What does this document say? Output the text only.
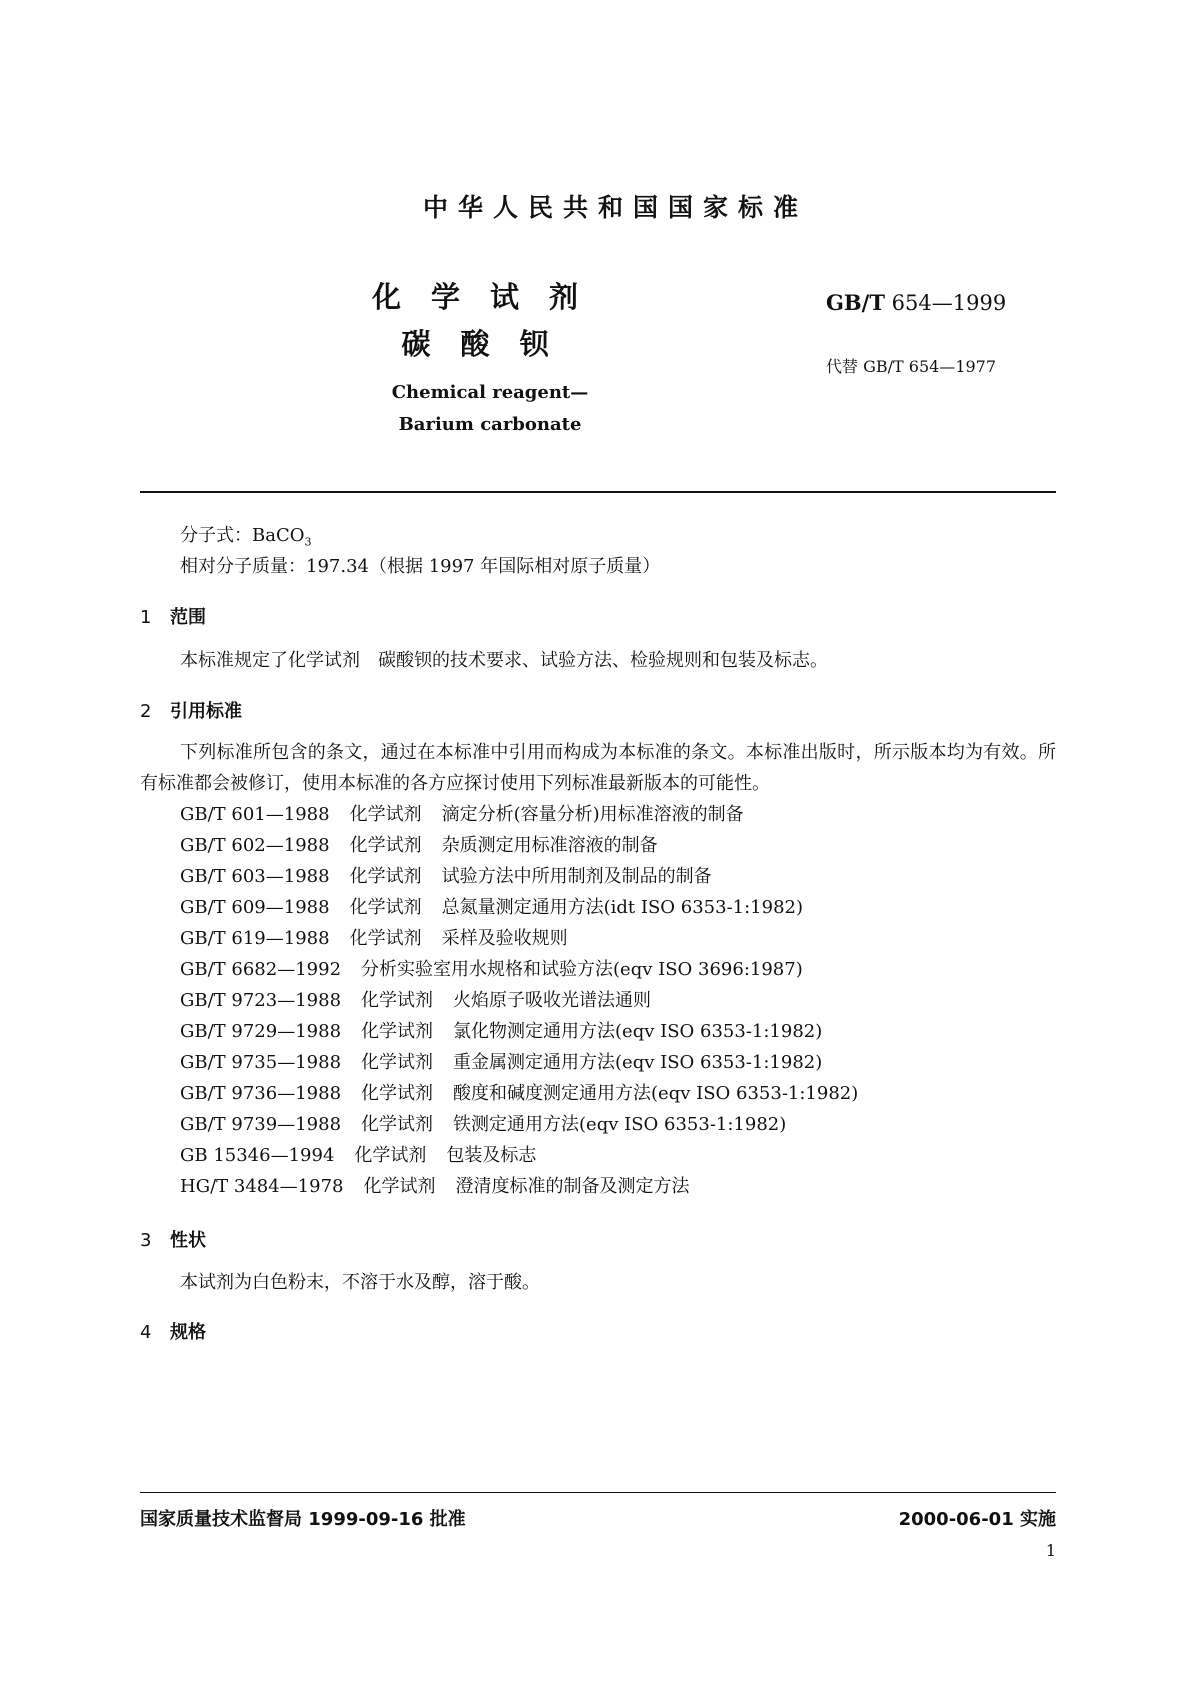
中华人民共和国国家标准
化学试剂
碳酸钡
Chemical reagent—
Barium carbonate
GB/T 654—1999
代替 GB/T 654—1977
分子式：BaCO$_3$
相对分子质量：197.34（根据 1997 年国际相对原子质量）
1 范围
本标准规定了化学试剂　碳酸钡的技术要求、试验方法、检验规则和包装及标志。
2 引用标准
下列标准所包含的条文，通过在本标准中引用而构成为本标准的条文。本标准出版时，所示版本均为有效。所有标准都会被修订，使用本标准的各方应探讨使用下列标准最新版本的可能性。
GB/T 601—1988 化学试剂 滴定分析(容量分析)用标准溶液的制备
GB/T 602—1988 化学试剂 杂质测定用标准溶液的制备
GB/T 603—1988 化学试剂 试验方法中所用制剂及制品的制备
GB/T 609—1988 化学试剂 总氮量测定通用方法(idt ISO 6353-1:1982)
GB/T 619—1988 化学试剂 采样及验收规则
GB/T 6682—1992 分析实验室用水规格和试验方法(eqv ISO 3696:1987)
GB/T 9723—1988 化学试剂 火焰原子吸收光谱法通则
GB/T 9729—1988 化学试剂 氯化物测定通用方法(eqv ISO 6353-1:1982)
GB/T 9735—1988 化学试剂 重金属测定通用方法(eqv ISO 6353-1:1982)
GB/T 9736—1988 化学试剂 酸度和碱度测定通用方法(eqv ISO 6353-1:1982)
GB/T 9739—1988 化学试剂 铁测定通用方法(eqv ISO 6353-1:1982)
GB 15346—1994 化学试剂 包装及标志
HG/T 3484—1978 化学试剂 澄清度标准的制备及测定方法
3 性状
本试剂为白色粉末，不溶于水及醇，溶于酸。
4 规格
国家质量技术监督局 1999-09-16 批准	2000-06-01 实施
1
